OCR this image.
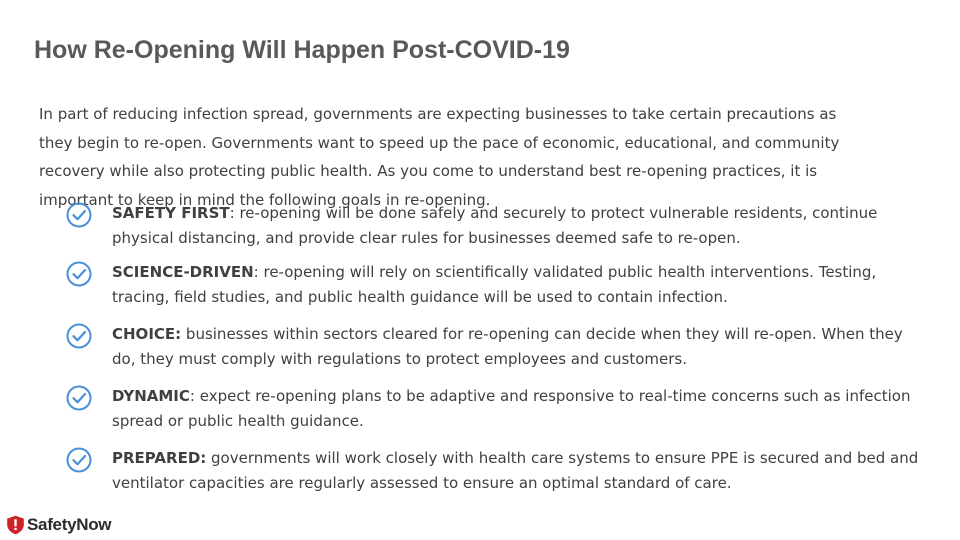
How Re-Opening Will Happen Post-COVID-19
In part of reducing infection spread, governments are expecting businesses to take certain precautions as they begin to re-open. Governments want to speed up the pace of economic, educational, and community recovery while also protecting public health. As you come to understand best re-opening practices, it is important to keep in mind the following goals in re-opening.
SAFETY FIRST: re-opening will be done safely and securely to protect vulnerable residents, continue physical distancing, and provide clear rules for businesses deemed safe to re-open.
SCIENCE-DRIVEN: re-opening will rely on scientifically validated public health interventions. Testing, tracing, field studies, and public health guidance will be used to contain infection.
CHOICE: businesses within sectors cleared for re-opening can decide when they will re-open. When they do, they must comply with regulations to protect employees and customers.
DYNAMIC: expect re-opening plans to be adaptive and responsive to real-time concerns such as infection spread or public health guidance.
PREPARED: governments will work closely with health care systems to ensure PPE is secured and bed and ventilator capacities are regularly assessed to ensure an optimal standard of care.
SafetyNow
